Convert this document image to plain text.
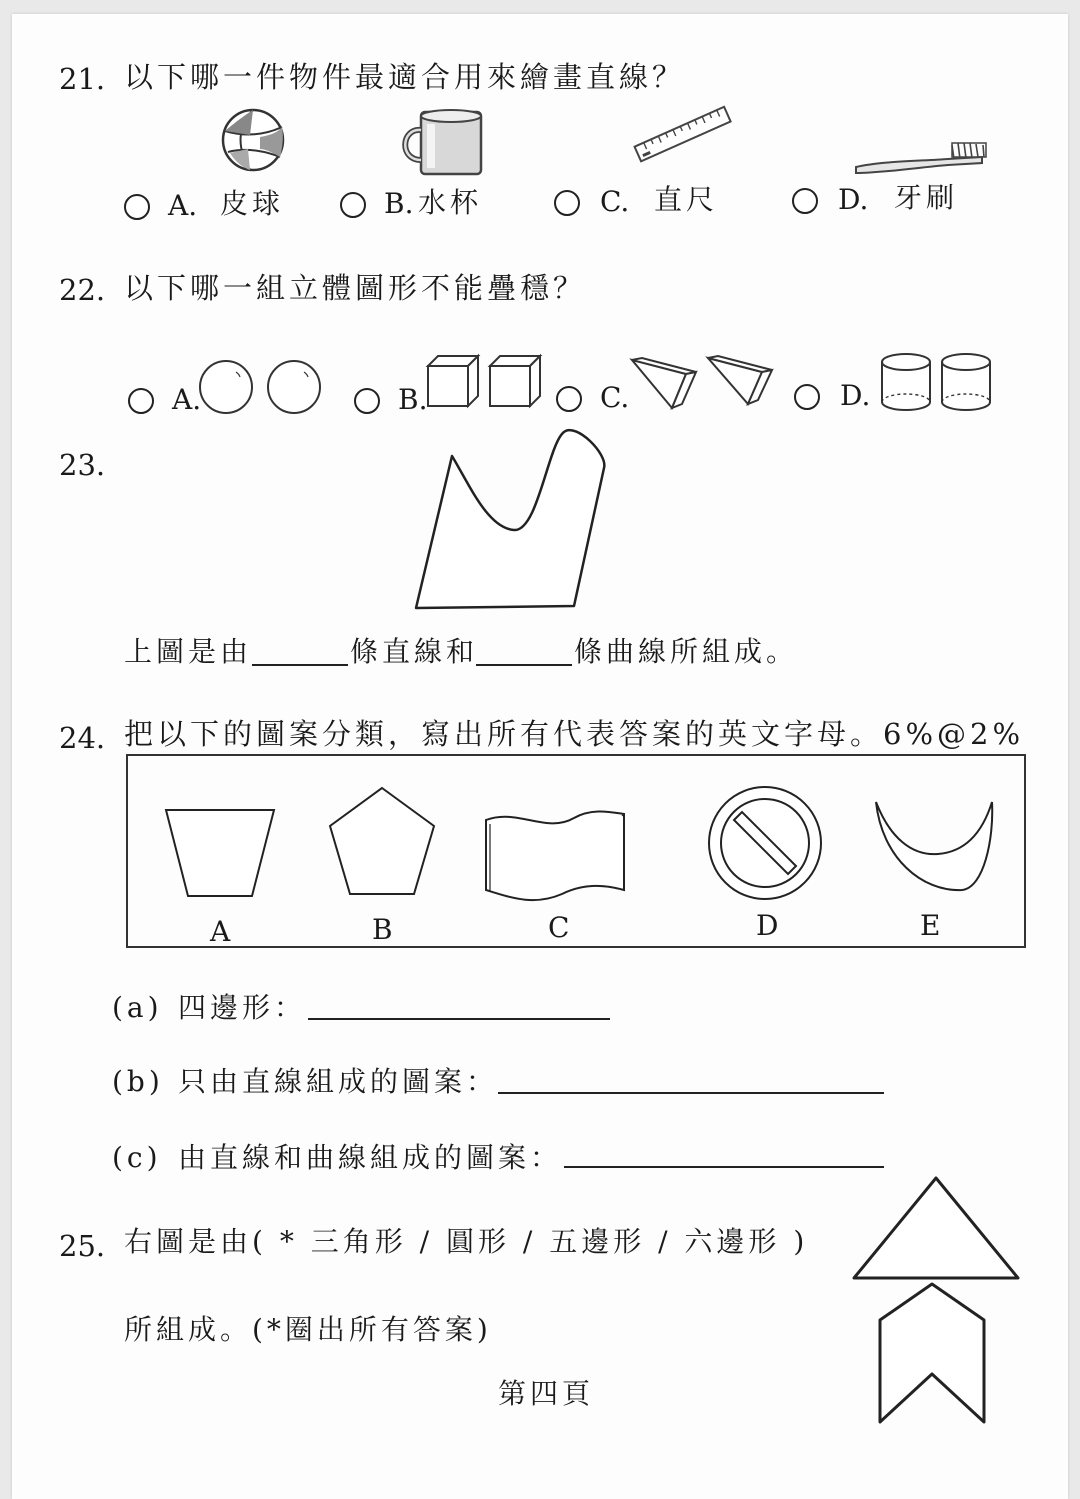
21. 以下哪一件物件最適合用來繪畫直線？
A. 皮球	B. 水杯	C. 直尺	D. 牙刷
22. 以下哪一組立體圖形不能疊穩？
A.	B.	C.	D.
23.
上圖是由	條直線和	條曲線所組成。
24. 把以下的圖案分類，寫出所有代表答案的英文字母。6%@2%
A	B	C	D	E
(a) 四邊形：
(b) 只由直線組成的圖案：
(c) 由直線和曲線組成的圖案：
25. 右圖是由( * 三角形 / 圓形 / 五邊形 / 六邊形 )
所組成。(*圈出所有答案)
第四頁
